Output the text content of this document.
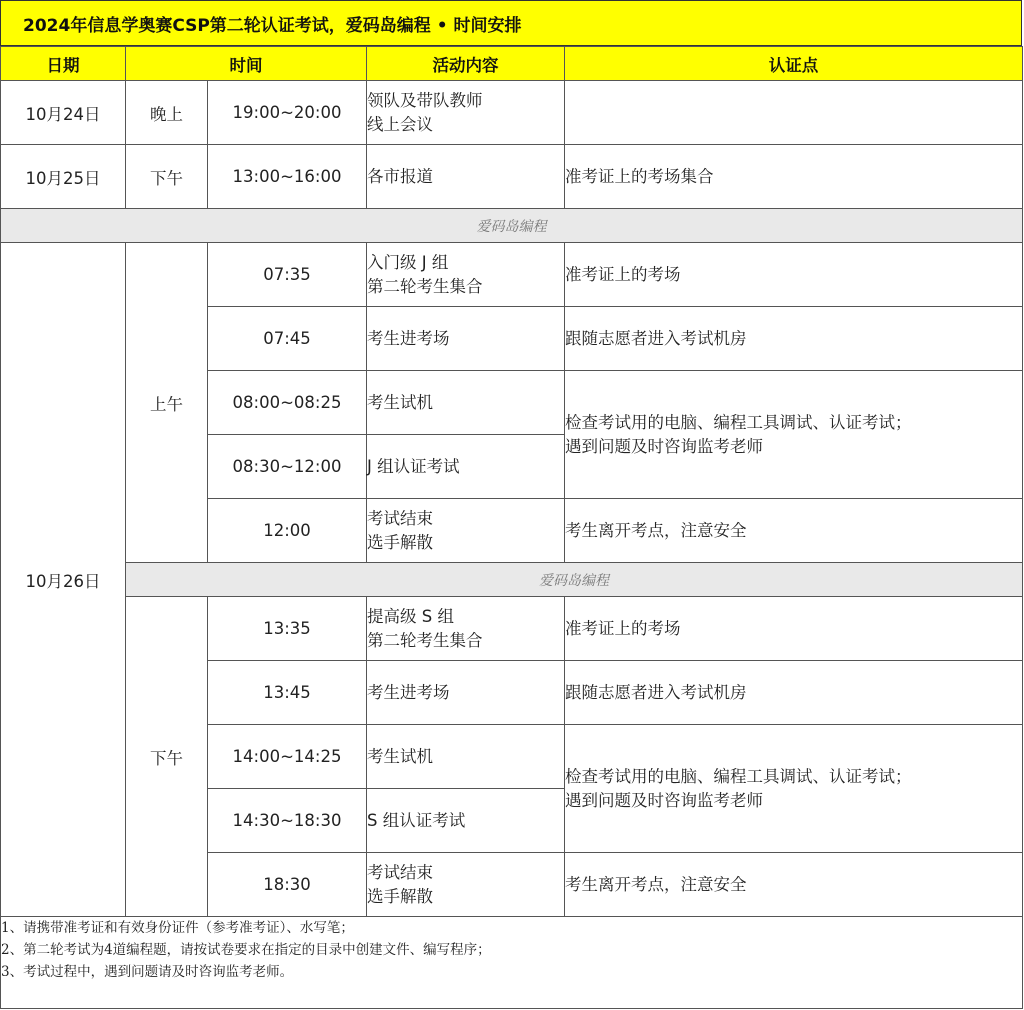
2024年信息学奥赛CSP第二轮认证考试，爱码岛编程 • 时间安排
日期	时间		活动内容	认证点
10月24日	晚上	19:00~20:00	领队及带队教师
线上会议	

10月25日	下午	13:00~16:00	各市报道	准考证上的考场集合
爱码岛编程				
10月26日	上午	07:35	入门级 J 组
第二轮考生集合	准考证上的考场
		07:45	考生进考场	跟随志愿者进入考试机房
		08:00~08:25	考生试机	检查考试用的电脑、编程工具调试、认证考试；
遇到问题及时咨询监考老师

		08:30~12:00	J 组认证考试	
		12:00	考试结束
选手解散	考生离开考点，注意安全
	爱码岛编程			
	下午	13:35	提高级 S 组
第二轮考生集合	准考证上的考场
		13:45	考生进考场	跟随志愿者进入考试机房
		14:00~14:25	考生试机	检查考试用的电脑、编程工具调试、认证考试；
遇到问题及时咨询监考老师

		14:30~18:30	S 组认证考试	
		18:30	考试结束
选手解散	考生离开考点，注意安全

1、请携带准考证和有效身份证件（参考准考证）、水写笔；
2、第二轮考试为4道编程题，请按试卷要求在指定的目录中创建文件、编写程序；
3、考试过程中，遇到问题请及时咨询监考老师。				
